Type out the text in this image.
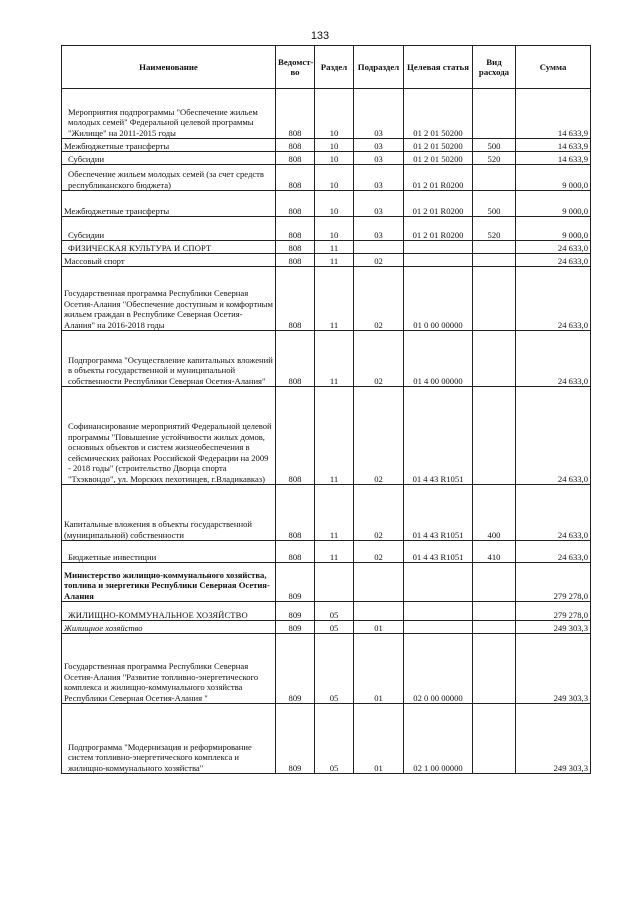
133
Наименование	Ведомст-во	Раздел	Подраздел	Целевая статья	Вид расхода	Сумма
Мероприятия подпрограммы "Обеспечение жильем молодых семей" Федеральной целевой программы "Жилище" на 2011-2015 годы	808	10	03	01 2 01 50200		14 633,9
Межбюджетные трансферты	808	10	03	01 2 01 50200	500	14 633,9
Субсидии	808	10	03	01 2 01 50200	520	14 633,9
Обеспечение жильем молодых семей (за счет средств республиканского бюджета)	808	10	03	01 2 01 R0200		9 000,0
Межбюджетные трансферты	808	10	03	01 2 01 R0200	500	9 000,0
Субсидии	808	10	03	01 2 01 R0200	520	9 000,0
ФИЗИЧЕСКАЯ КУЛЬТУРА И СПОРТ	808	11				24 633,0
Массовый спорт	808	11	02			24 633,0
Государственная программа Республики Северная Осетия-Алания "Обеспечение доступным и комфортным жильем граждан в Республике Северная Осетия-Алания" на 2016-2018 годы	808	11	02	01 0 00 00000		24 633,0
Подпрограмма "Осуществление капитальных вложений в объекты государственной и муниципальной собственности Республики Северная Осетия-Алания"	808	11	02	01 4 00 00000		24 633,0
Софинансирование мероприятий Федеральной целевой программы "Повышение устойчивости жилых домов, основных объектов и систем жизнеобеспечения в сейсмических районах Российской Федерации на 2009 - 2018 годы" (строительство Дворца спорта "Тхэквондо", ул. Морских пехотинцев, г.Владикавказ)	808	11	02	01 4 43 R1051		24 633,0
Капитальные вложения в объекты государственной (муниципальной) собственности	808	11	02	01 4 43 R1051	400	24 633,0
Бюджетные инвестиции	808	11	02	01 4 43 R1051	410	24 633,0
Министерство жилищно-коммунального хозяйства, топлива и энергетики Республики Северная Осетия-Алания	809					279 278,0
ЖИЛИЩНО-КОММУНАЛЬНОЕ ХОЗЯЙСТВО	809	05				279 278,0
Жилищное хозяйство	809	05	01			249 303,3
Государственная программа Республики Северная Осетия-Алания "Развитие топливно-энергетического комплекса и жилищно-коммунального хозяйства Республики Северная Осетия-Алания "	809	05	01	02 0 00 00000		249 303,3
Подпрограмма "Модернизация и реформирование систем топливно-энергетического комплекса и жилищно-коммунального хозяйства"	809	05	01	02 1 00 00000		249 303,3
